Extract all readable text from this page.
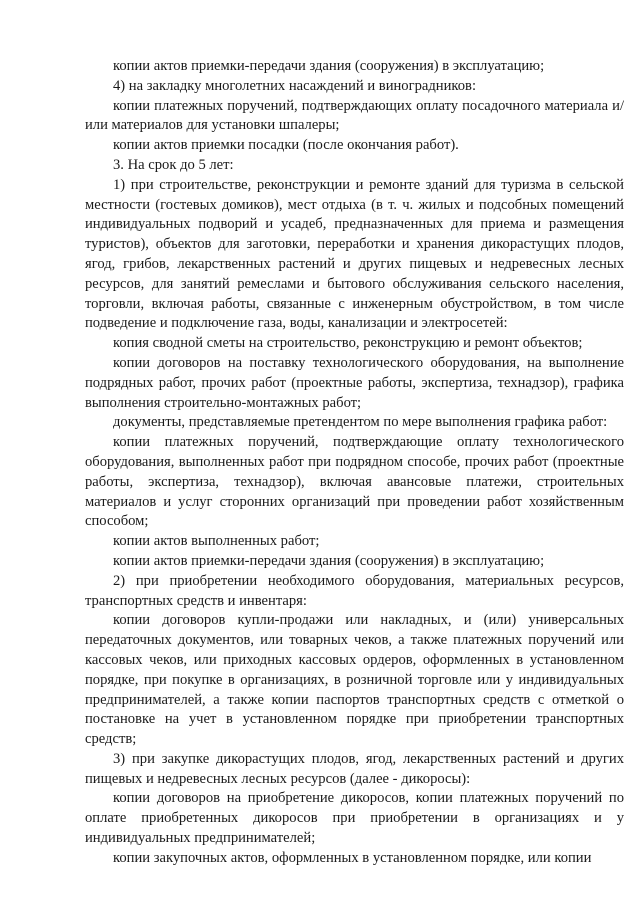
копии актов приемки-передачи здания (сооружения) в эксплуатацию;

4) на закладку многолетних насаждений и виноградников:

копии платежных поручений, подтверждающих оплату посадочного материала и/или материалов для установки шпалеры;

копии актов приемки посадки (после окончания работ).

3. На срок до 5 лет:

1) при строительстве, реконструкции и ремонте зданий для туризма в сельской местности (гостевых домиков), мест отдыха (в т. ч. жилых и подсобных помещений индивидуальных подворий и усадеб, предназначенных для приема и размещения туристов), объектов для заготовки, переработки и хранения дикорастущих плодов, ягод, грибов, лекарственных растений и других пищевых и недревесных лесных ресурсов, для занятий ремеслами и бытового обслуживания сельского населения, торговли, включая работы, связанные с инженерным обустройством, в том числе подведение и подключение газа, воды, канализации и электросетей:

копия сводной сметы на строительство, реконструкцию и ремонт объектов;

копии договоров на поставку технологического оборудования, на выполнение подрядных работ, прочих работ (проектные работы, экспертиза, технадзор), графика выполнения строительно-монтажных работ;

документы, представляемые претендентом по мере выполнения графика работ:

копии платежных поручений, подтверждающие оплату технологического оборудования, выполненных работ при подрядном способе, прочих работ (проектные работы, экспертиза, технадзор), включая авансовые платежи, строительных материалов и услуг сторонних организаций при проведении работ хозяйственным способом;

копии актов выполненных работ;

копии актов приемки-передачи здания (сооружения) в эксплуатацию;

2) при приобретении необходимого оборудования, материальных ресурсов, транспортных средств и инвентаря:

копии договоров купли-продажи или накладных, и (или) универсальных передаточных документов, или товарных чеков, а также платежных поручений или кассовых чеков, или приходных кассовых ордеров, оформленных в установленном порядке, при покупке в организациях, в розничной торговле или у индивидуальных предпринимателей, а также копии паспортов транспортных средств с отметкой о постановке на учет в установленном порядке при приобретении транспортных средств;

3) при закупке дикорастущих плодов, ягод, лекарственных растений и других пищевых и недревесных лесных ресурсов (далее - дикоросы):

копии договоров на приобретение дикоросов, копии платежных поручений по оплате приобретенных дикоросов при приобретении в организациях и у индивидуальных предпринимателей;

копии закупочных актов, оформленных в установленном порядке, или копии
